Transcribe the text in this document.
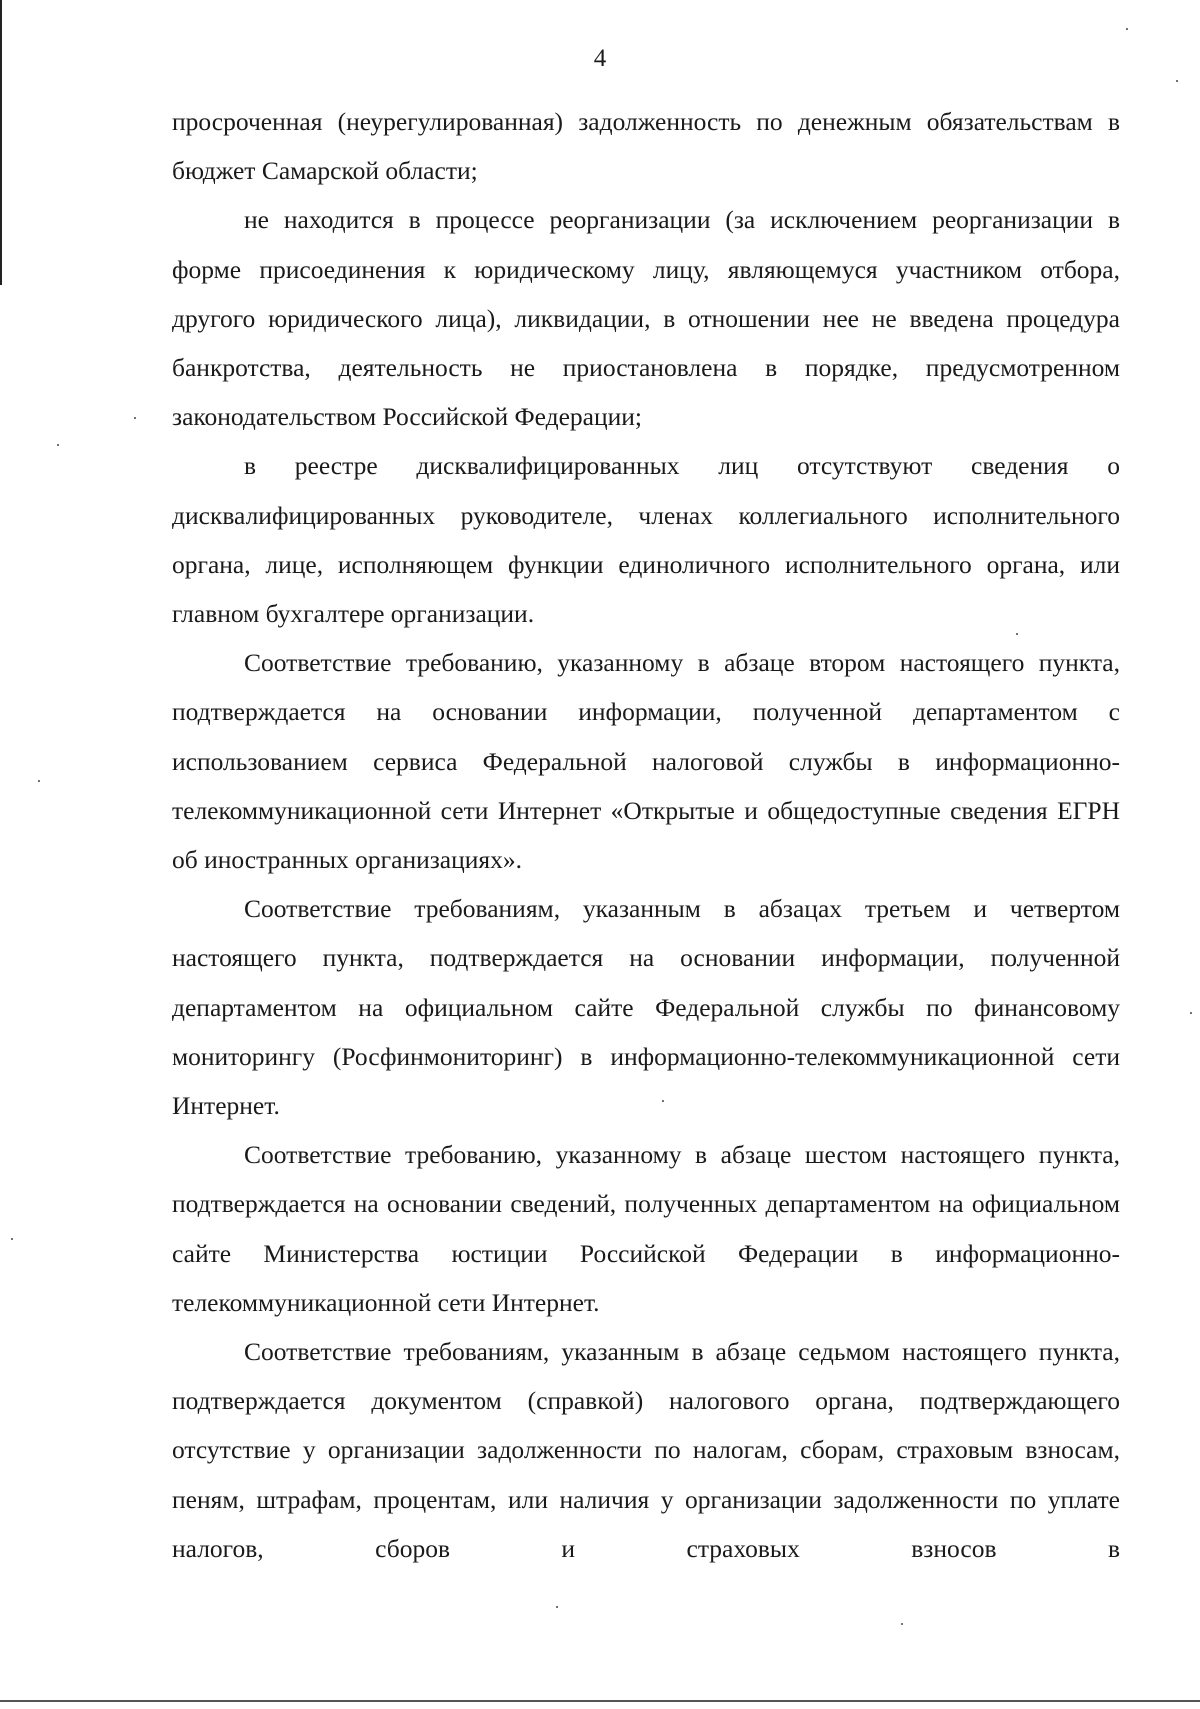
4

просроченная (неурегулированная) задолженность по денежным обязательствам в бюджет Самарской области;

не находится в процессе реорганизации (за исключением реорганизации в форме присоединения к юридическому лицу, являющемуся участником отбора, другого юридического лица), ликвидации, в отношении нее не введена процедура банкротства, деятельность не приостановлена в порядке, предусмотренном законодательством Российской Федерации;

в реестре дисквалифицированных лиц отсутствуют сведения о дисквалифицированных руководителе, членах коллегиального исполнительного органа, лице, исполняющем функции единоличного исполнительного органа, или главном бухгалтере организации.

Соответствие требованию, указанному в абзаце втором настоящего пункта, подтверждается на основании информации, полученной департаментом с использованием сервиса Федеральной налоговой службы в информационно-телекоммуникационной сети Интернет «Открытые и общедоступные сведения ЕГРН об иностранных организациях».

Соответствие требованиям, указанным в абзацах третьем и четвертом настоящего пункта, подтверждается на основании информации, полученной департаментом на официальном сайте Федеральной службы по финансовому мониторингу (Росфинмониторинг) в информационно-телекоммуникационной сети Интернет.

Соответствие требованию, указанному в абзаце шестом настоящего пункта, подтверждается на основании сведений, полученных департаментом на официальном сайте Министерства юстиции Российской Федерации в информационно-телекоммуникационной сети Интернет.

Соответствие требованиям, указанным в абзаце седьмом настоящего пункта, подтверждается документом (справкой) налогового органа, подтверждающего отсутствие у организации задолженности по налогам, сборам, страховым взносам, пеням, штрафам, процентам, или наличия у организации задолженности по уплате налогов, сборов и страховых взносов в
